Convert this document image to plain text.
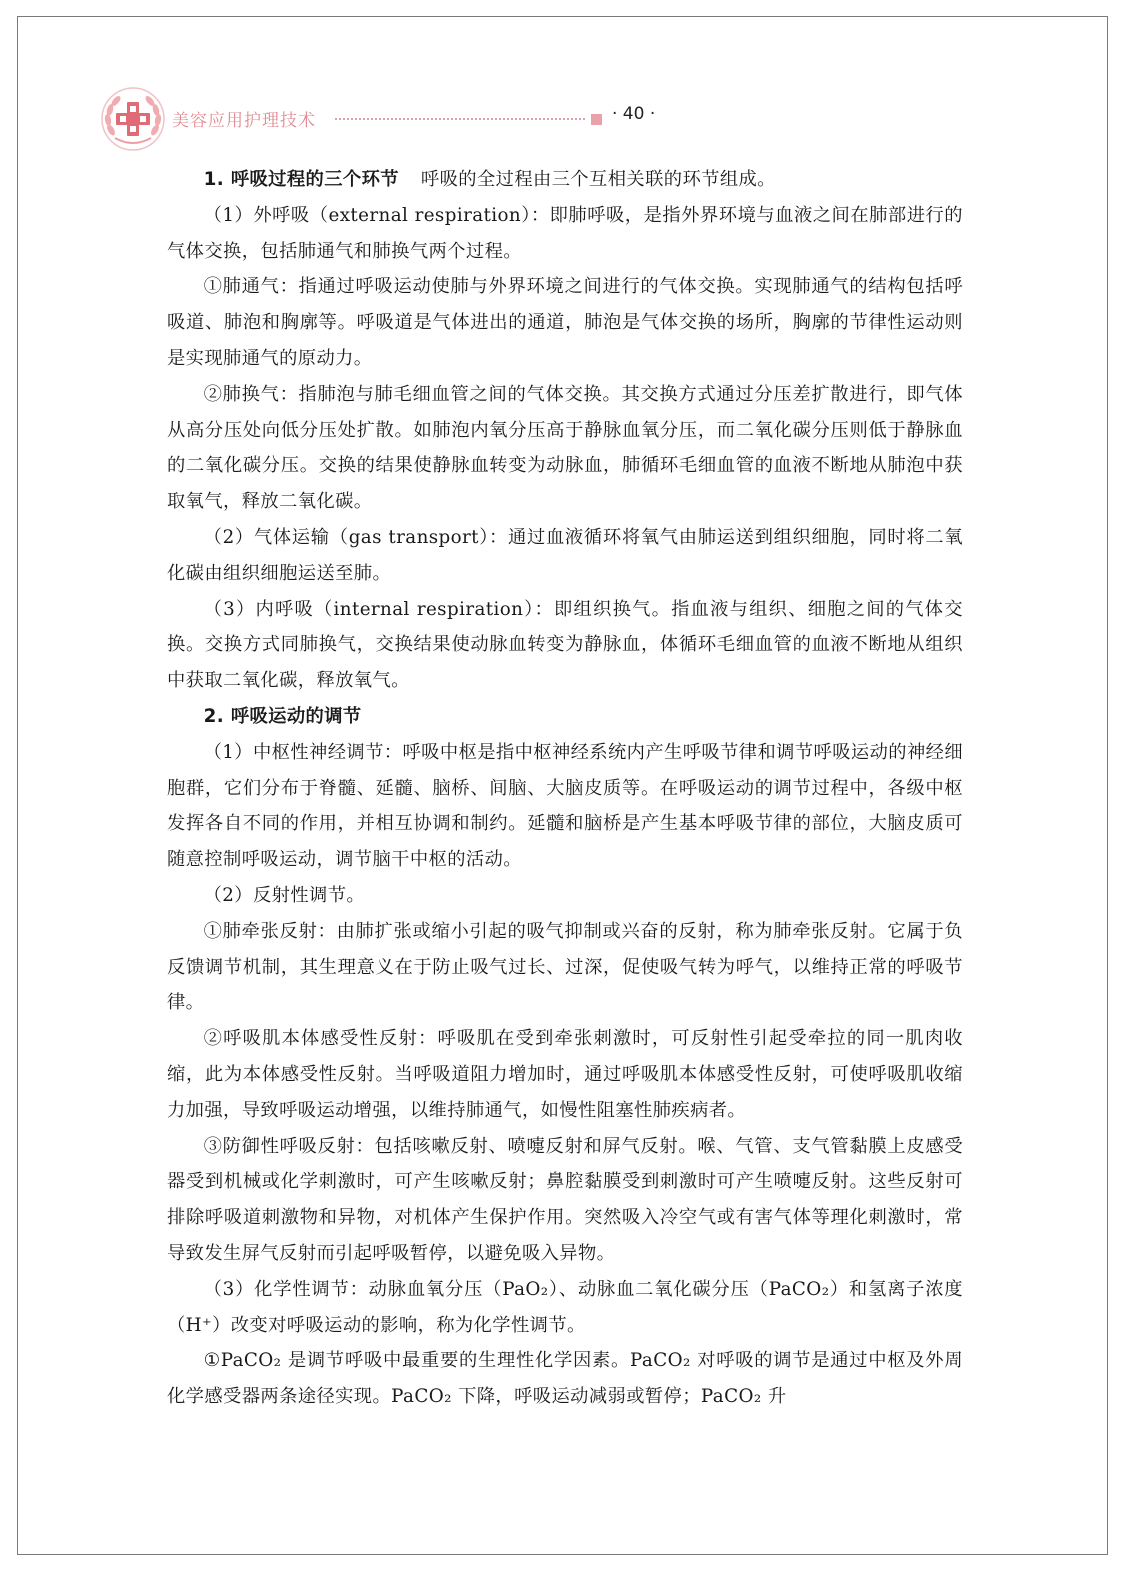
美容应用护理技术	· 40 ·

1. 呼吸过程的三个环节 呼吸的全过程由三个互相关联的环节组成。

（1）外呼吸（external respiration）：即肺呼吸，是指外界环境与血液之间在肺部进行的气体交换，包括肺通气和肺换气两个过程。

①肺通气：指通过呼吸运动使肺与外界环境之间进行的气体交换。实现肺通气的结构包括呼吸道、肺泡和胸廓等。呼吸道是气体进出的通道，肺泡是气体交换的场所，胸廓的节律性运动则是实现肺通气的原动力。

②肺换气：指肺泡与肺毛细血管之间的气体交换。其交换方式通过分压差扩散进行，即气体从高分压处向低分压处扩散。如肺泡内氧分压高于静脉血氧分压，而二氧化碳分压则低于静脉血的二氧化碳分压。交换的结果使静脉血转变为动脉血，肺循环毛细血管的血液不断地从肺泡中获取氧气，释放二氧化碳。

（2）气体运输（gas transport）：通过血液循环将氧气由肺运送到组织细胞，同时将二氧化碳由组织细胞运送至肺。

（3）内呼吸（internal respiration）：即组织换气。指血液与组织、细胞之间的气体交换。交换方式同肺换气，交换结果使动脉血转变为静脉血，体循环毛细血管的血液不断地从组织中获取二氧化碳，释放氧气。

2. 呼吸运动的调节

（1）中枢性神经调节：呼吸中枢是指中枢神经系统内产生呼吸节律和调节呼吸运动的神经细胞群，它们分布于脊髓、延髓、脑桥、间脑、大脑皮质等。在呼吸运动的调节过程中，各级中枢发挥各自不同的作用，并相互协调和制约。延髓和脑桥是产生基本呼吸节律的部位，大脑皮质可随意控制呼吸运动，调节脑干中枢的活动。

（2）反射性调节。

①肺牵张反射：由肺扩张或缩小引起的吸气抑制或兴奋的反射，称为肺牵张反射。它属于负反馈调节机制，其生理意义在于防止吸气过长、过深，促使吸气转为呼气，以维持正常的呼吸节律。

②呼吸肌本体感受性反射：呼吸肌在受到牵张刺激时，可反射性引起受牵拉的同一肌肉收缩，此为本体感受性反射。当呼吸道阻力增加时，通过呼吸肌本体感受性反射，可使呼吸肌收缩力加强，导致呼吸运动增强，以维持肺通气，如慢性阻塞性肺疾病者。

③防御性呼吸反射：包括咳嗽反射、喷嚏反射和屏气反射。喉、气管、支气管黏膜上皮感受器受到机械或化学刺激时，可产生咳嗽反射；鼻腔黏膜受到刺激时可产生喷嚏反射。这些反射可排除呼吸道刺激物和异物，对机体产生保护作用。突然吸入冷空气或有害气体等理化刺激时，常导致发生屏气反射而引起呼吸暂停，以避免吸入异物。

（3）化学性调节：动脉血氧分压（PaO₂）、动脉血二氧化碳分压（PaCO₂）和氢离子浓度（H⁺）改变对呼吸运动的影响，称为化学性调节。

①PaCO₂ 是调节呼吸中最重要的生理性化学因素。PaCO₂ 对呼吸的调节是通过中枢及外周化学感受器两条途径实现。PaCO₂ 下降，呼吸运动减弱或暂停；PaCO₂ 升
